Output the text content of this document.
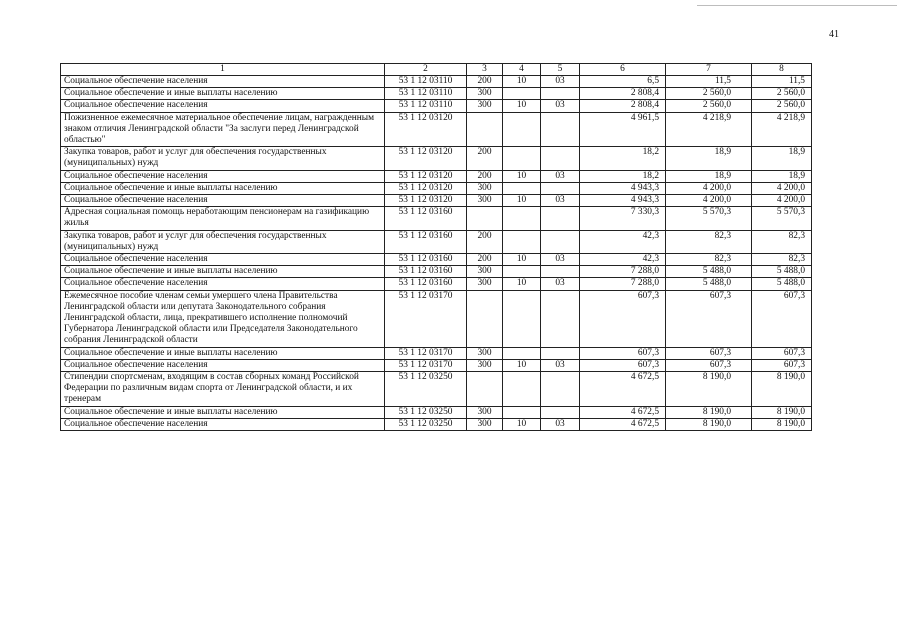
41
1	2	3	4	5	6	7	8
Социальное обеспечение населения	53 1 12 03110	200	10	03	6,5	11,5	11,5
Социальное обеспечение и иные выплаты населению	53 1 12 03110	300			2 808,4	2 560,0	2 560,0
Социальное обеспечение населения	53 1 12 03110	300	10	03	2 808,4	2 560,0	2 560,0
Пожизненное ежемесячное материальное обеспечение лицам, награжденным знаком отличия Ленинградской области "За заслуги перед Ленинградской областью"	53 1 12 03120				4 961,5	4 218,9	4 218,9
Закупка товаров, работ и услуг для обеспечения государственных (муниципальных) нужд	53 1 12 03120	200			18,2	18,9	18,9
Социальное обеспечение населения	53 1 12 03120	200	10	03	18,2	18,9	18,9
Социальное обеспечение и иные выплаты населению	53 1 12 03120	300			4 943,3	4 200,0	4 200,0
Социальное обеспечение населения	53 1 12 03120	300	10	03	4 943,3	4 200,0	4 200,0
Адресная социальная помощь неработающим пенсионерам на газификацию жилья	53 1 12 03160				7 330,3	5 570,3	5 570,3
Закупка товаров, работ и услуг для обеспечения государственных (муниципальных) нужд	53 1 12 03160	200			42,3	82,3	82,3
Социальное обеспечение населения	53 1 12 03160	200	10	03	42,3	82,3	82,3
Социальное обеспечение и иные выплаты населению	53 1 12 03160	300			7 288,0	5 488,0	5 488,0
Социальное обеспечение населения	53 1 12 03160	300	10	03	7 288,0	5 488,0	5 488,0
Ежемесячное пособие членам семьи умершего члена Правительства Ленинградской области или депутата Законодательного собрания Ленинградской области, лица, прекратившего исполнение полномочий Губернатора Ленинградской области или Председателя Законодательного собрания Ленинградской области	53 1 12 03170				607,3	607,3	607,3
Социальное обеспечение и иные выплаты населению	53 1 12 03170	300			607,3	607,3	607,3
Социальное обеспечение населения	53 1 12 03170	300	10	03	607,3	607,3	607,3
Стипендии спортсменам, входящим в состав сборных команд Российской Федерации по различным видам спорта от Ленинградской области, и их тренерам	53 1 12 03250				4 672,5	8 190,0	8 190,0
Социальное обеспечение и иные выплаты населению	53 1 12 03250	300			4 672,5	8 190,0	8 190,0
Социальное обеспечение населения	53 1 12 03250	300	10	03	4 672,5	8 190,0	8 190,0
